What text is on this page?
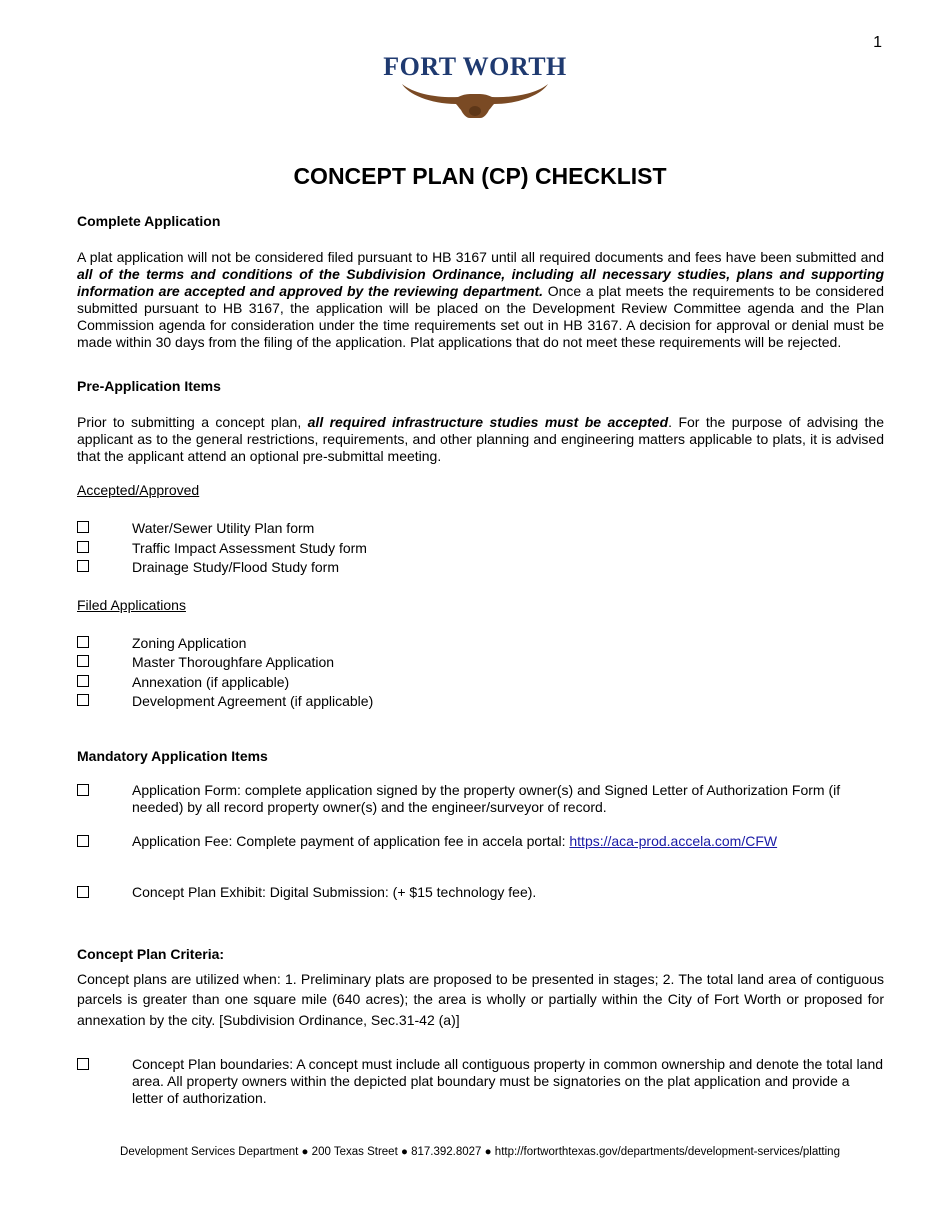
1
FORT WORTH
CONCEPT PLAN (CP) CHECKLIST
Complete Application

A plat application will not be considered filed pursuant to HB 3167 until all required documents and fees have been submitted and all of the terms and conditions of the Subdivision Ordinance, including all necessary studies, plans and supporting information are accepted and approved by the reviewing department. Once a plat meets the requirements to be considered submitted pursuant to HB 3167, the application will be placed on the Development Review Committee agenda and the Plan Commission agenda for consideration under the time requirements set out in HB 3167. A decision for approval or denial must be made within 30 days from the filing of the application. Plat applications that do not meet these requirements will be rejected.

Pre-Application Items

Prior to submitting a concept plan, all required infrastructure studies must be accepted. For the purpose of advising the applicant as to the general restrictions, requirements, and other planning and engineering matters applicable to plats, it is advised that the applicant attend an optional pre-submittal meeting.

Accepted/Approved

Water/Sewer Utility Plan form
Traffic Impact Assessment Study form
Drainage Study/Flood Study form

Filed Applications

Zoning Application
Master Thoroughfare Application
Annexation (if applicable)
Development Agreement (if applicable)
Mandatory Application Items
Application Form: complete application signed by the property owner(s) and Signed Letter of Authorization Form (if needed) by all record property owner(s) and the engineer/surveyor of record.
Application Fee: Complete payment of application fee in accela portal: https://aca-prod.accela.com/CFW
Concept Plan Exhibit: Digital Submission: (+ $15 technology fee).
Concept Plan Criteria:

Concept plans are utilized when: 1. Preliminary plats are proposed to be presented in stages; 2. The total land area of contiguous parcels is greater than one square mile (640 acres); the area is wholly or partially within the City of Fort Worth or proposed for annexation by the city. [Subdivision Ordinance, Sec.31-42 (a)]

Concept Plan boundaries: A concept must include all contiguous property in common ownership and denote the total land area. All property owners within the depicted plat boundary must be signatories on the plat application and provide a letter of authorization.
Development Services Department ● 200 Texas Street ● 817.392.8027 ● http://fortworthtexas.gov/departments/development-services/platting
